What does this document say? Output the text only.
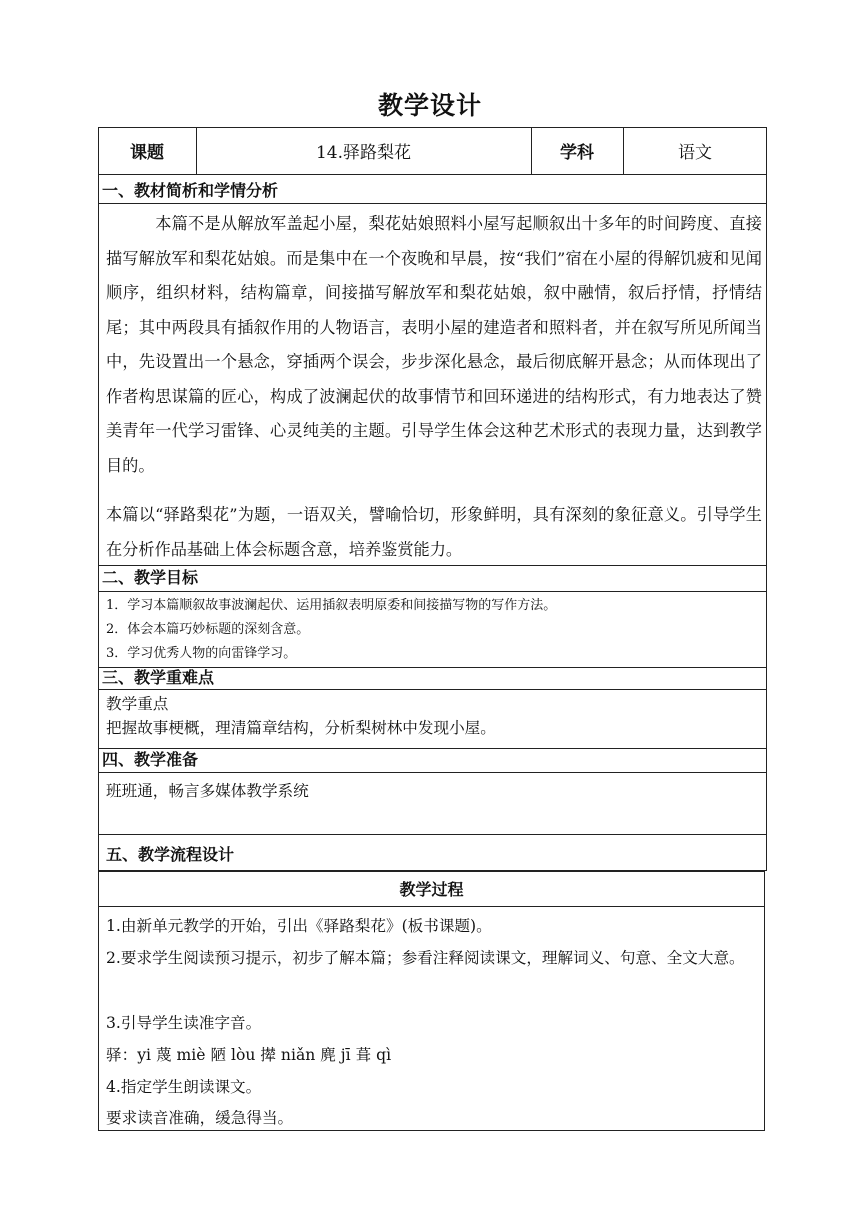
教学设计
课题	14.驿路梨花	学科	语文
一、教材简析和学情分析
　　　本篇不是从解放军盖起小屋，梨花姑娘照料小屋写起顺叙出十多年的时间跨度、直接描写解放军和梨花姑娘。而是集中在一个夜晚和早晨，按“我们”宿在小屋的得解饥疲和见闻顺序，组织材料，结构篇章，间接描写解放军和梨花姑娘，叙中融情，叙后抒情，抒情结尾；其中两段具有插叙作用的人物语言，表明小屋的建造者和照料者，并在叙写所见所闻当中，先设置出一个悬念，穿插两个误会，步步深化悬念，最后彻底解开悬念；从而体现出了作者构思谋篇的匠心，构成了波澜起伏的故事情节和回环递进的结构形式，有力地表达了赞美青年一代学习雷锋、心灵纯美的主题。引导学生体会这种艺术形式的表现力量，达到教学目的。
本篇以“驿路梨花”为题，一语双关，譬喻恰切，形象鲜明，具有深刻的象征意义。引导学生在分析作品基础上体会标题含意，培养鉴赏能力。
二、教学目标
1．学习本篇顺叙故事波澜起伏、运用插叙表明原委和间接描写物的写作方法。
2．体会本篇巧妙标题的深刻含意。
3．学习优秀人物的向雷锋学习。
三、教学重难点
教学重点
把握故事梗概，理清篇章结构，分析梨树林中发现小屋。
四、教学准备
班班通，畅言多媒体教学系统
五、教学流程设计
教学过程
1.由新单元教学的开始，引出《驿路梨花》(板书课题)。
2.要求学生阅读预习提示，初步了解本篇；参看注释阅读课文，理解词义、句意、全文大意。
3.引导学生读准字音。
驿：yi 蔑 miè 陋 lòu 撵 niǎn 麂 jī 葺 qì
4.指定学生朗读课文。
要求读音准确，缓急得当。
